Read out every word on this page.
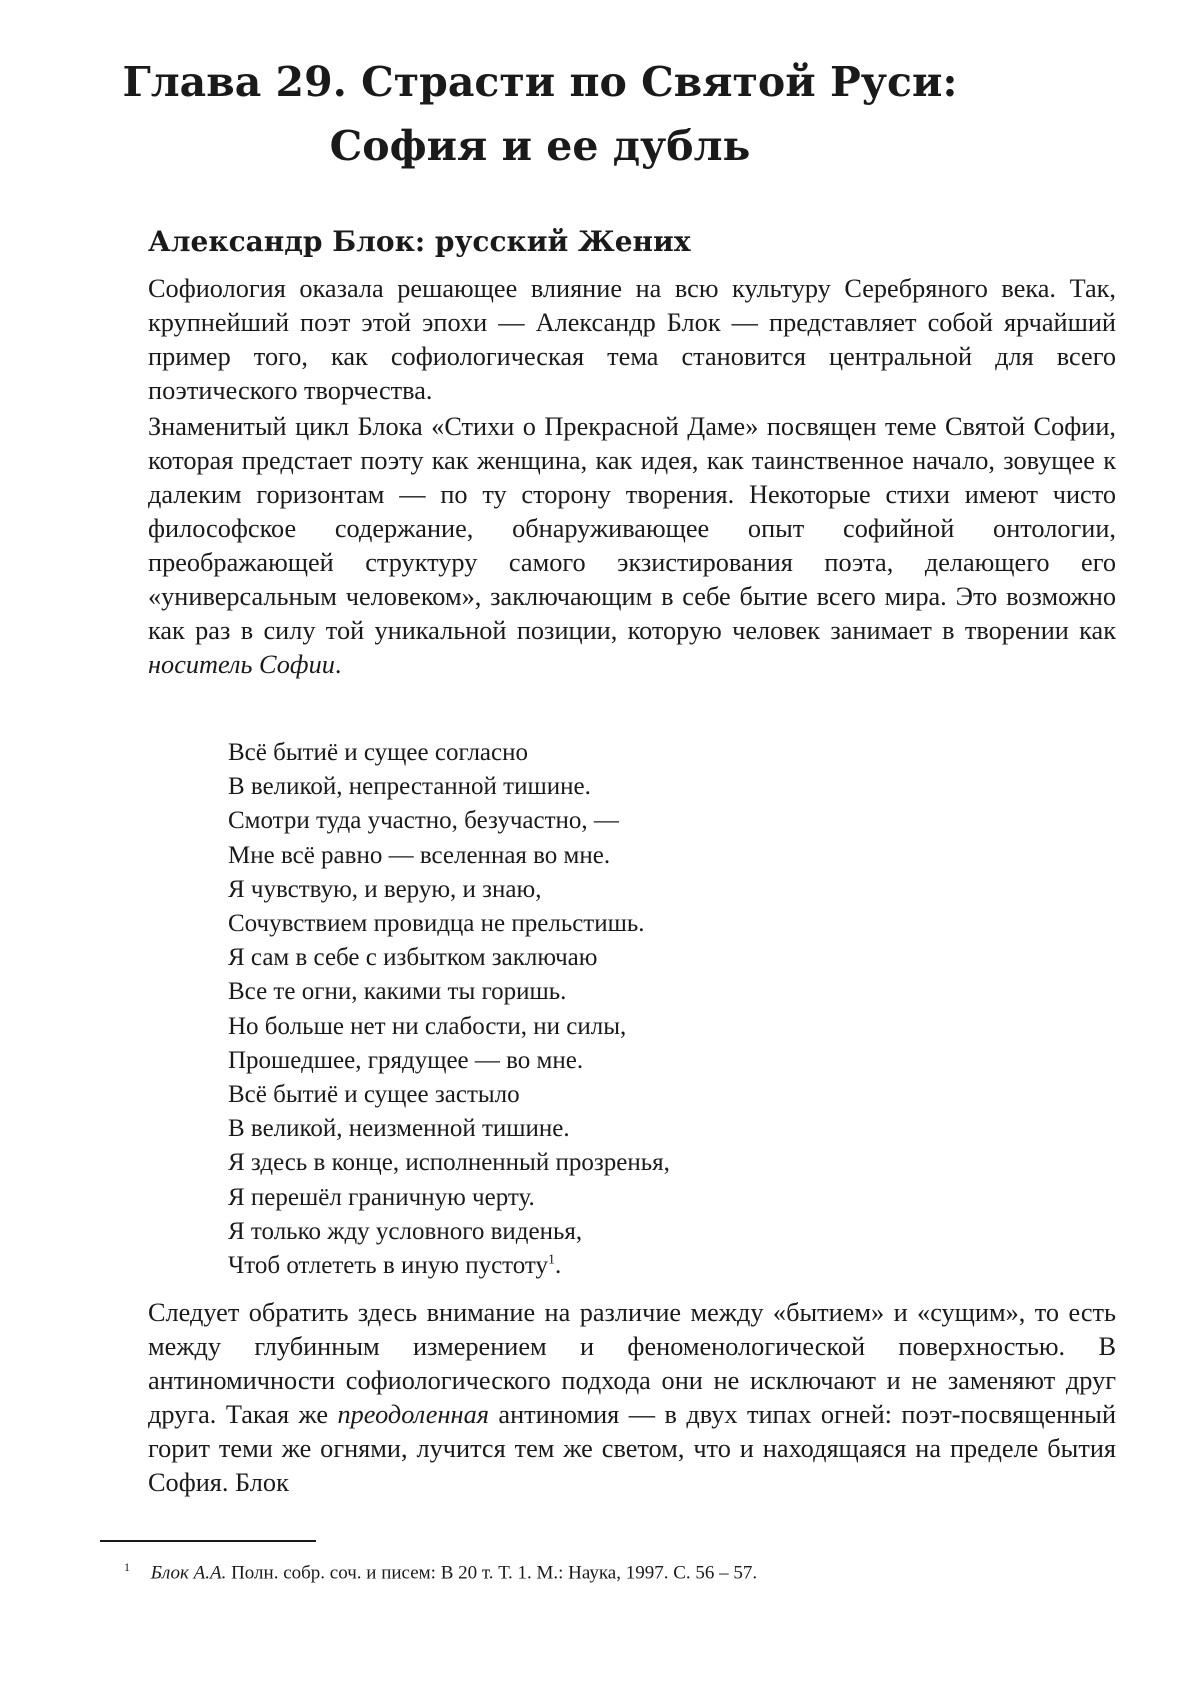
Глава 29. Страсти по Святой Руси:
София и ее дубль
Александр Блок: русский Жених

Софиология оказала решающее влияние на всю культуру Серебряного века. Так, крупнейший поэт этой эпохи — Александр Блок — представляет собой ярчайший пример того, как софиологическая тема становится центральной для всего поэтического творчества.

Знаменитый цикл Блока «Стихи о Прекрасной Даме» посвящен теме Святой Софии, которая предстает поэту как женщина, как идея, как таинственное начало, зовущее к далеким горизонтам — по ту сторону творения. Некоторые стихи имеют чисто философское содержание, обнаруживающее опыт софийной онтологии, преображающей структуру самого экзистирования поэта, делающего его «универсальным человеком», заключающим в себе бытие всего мира. Это возможно как раз в силу той уникальной позиции, которую человек занимает в творении как носитель Софии.

Всё бытиё и сущее согласно
В великой, непрестанной тишине.
Смотри туда участно, безучастно, —
Мне всё равно — вселенная во мне.
Я чувствую, и верую, и знаю,
Сочувствием провидца не прельстишь.
Я сам в себе с избытком заключаю
Все те огни, какими ты горишь.
Но больше нет ни слабости, ни силы,
Прошедшее, грядущее — во мне.
Всё бытиё и сущее застыло
В великой, неизменной тишине.
Я здесь в конце, исполненный прозренья,
Я перешёл граничную черту.
Я только жду условного виденья,
Чтоб отлететь в иную пустоту1.

Следует обратить здесь внимание на различие между «бытием» и «сущим», то есть между глубинным измерением и феноменологической поверхностью. В антиномичности софиологического подхода они не исключают и не заменяют друг друга. Такая же преодоленная антиномия — в двух типах огней: поэт-посвященный горит теми же огнями, лучится тем же светом, что и находящаяся на пределе бытия София. Блок

1 Блок А.А. Полн. собр. соч. и писем: В 20 т. Т. 1. М.: Наука, 1997. С. 56 – 57.
